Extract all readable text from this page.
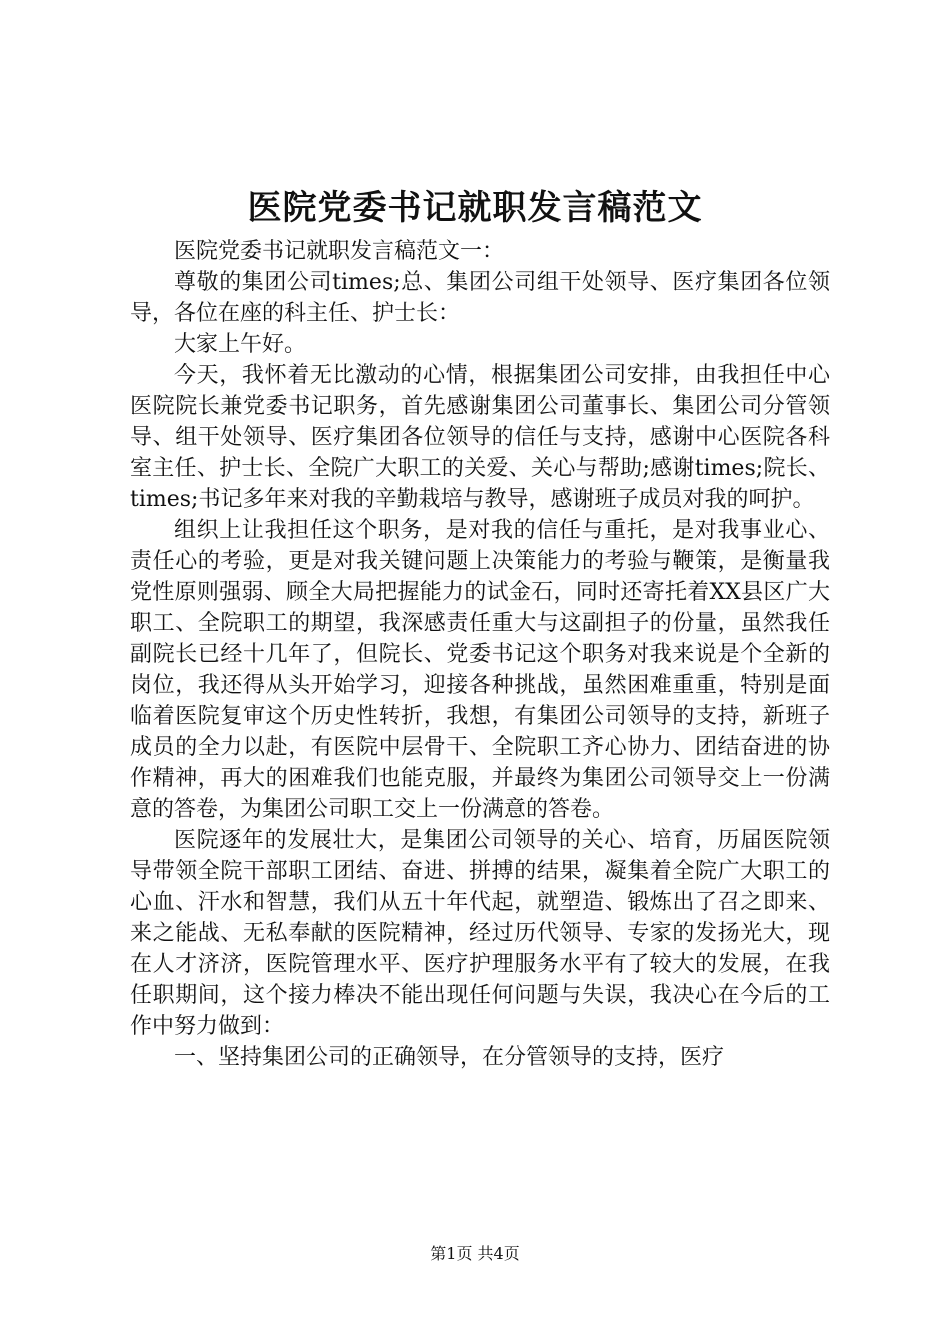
医院党委书记就职发言稿范文

医院党委书记就职发言稿范文一：

尊敬的集团公司times;总、集团公司组干处领导、医疗集团各位领导，各位在座的科主任、护士长：

大家上午好。

今天，我怀着无比激动的心情，根据集团公司安排，由我担任中心医院院长兼党委书记职务，首先感谢集团公司董事长、集团公司分管领导、组干处领导、医疗集团各位领导的信任与支持，感谢中心医院各科室主任、护士长、全院广大职工的关爱、关心与帮助;感谢times;院长、times;书记多年来对我的辛勤栽培与教导，感谢班子成员对我的呵护。

组织上让我担任这个职务，是对我的信任与重托，是对我事业心、责任心的考验，更是对我关键问题上决策能力的考验与鞭策，是衡量我党性原则强弱、顾全大局把握能力的试金石，同时还寄托着XX县区广大职工、全院职工的期望，我深感责任重大与这副担子的份量，虽然我任副院长已经十几年了，但院长、党委书记这个职务对我来说是个全新的岗位，我还得从头开始学习，迎接各种挑战，虽然困难重重，特别是面临着医院复审这个历史性转折，我想，有集团公司领导的支持，新班子成员的全力以赴，有医院中层骨干、全院职工齐心协力、团结奋进的协作精神，再大的困难我们也能克服，并最终为集团公司领导交上一份满意的答卷，为集团公司职工交上一份满意的答卷。

医院逐年的发展壮大，是集团公司领导的关心、培育，历届医院领导带领全院干部职工团结、奋进、拼搏的结果，凝集着全院广大职工的心血、汗水和智慧，我们从五十年代起，就塑造、锻炼出了召之即来、来之能战、无私奉献的医院精神，经过历代领导、专家的发扬光大，现在人才济济，医院管理水平、医疗护理服务水平有了较大的发展，在我任职期间，这个接力棒决不能出现任何问题与失误，我决心在今后的工作中努力做到：

一、坚持集团公司的正确领导，在分管领导的支持，医疗

第1页 共4页
